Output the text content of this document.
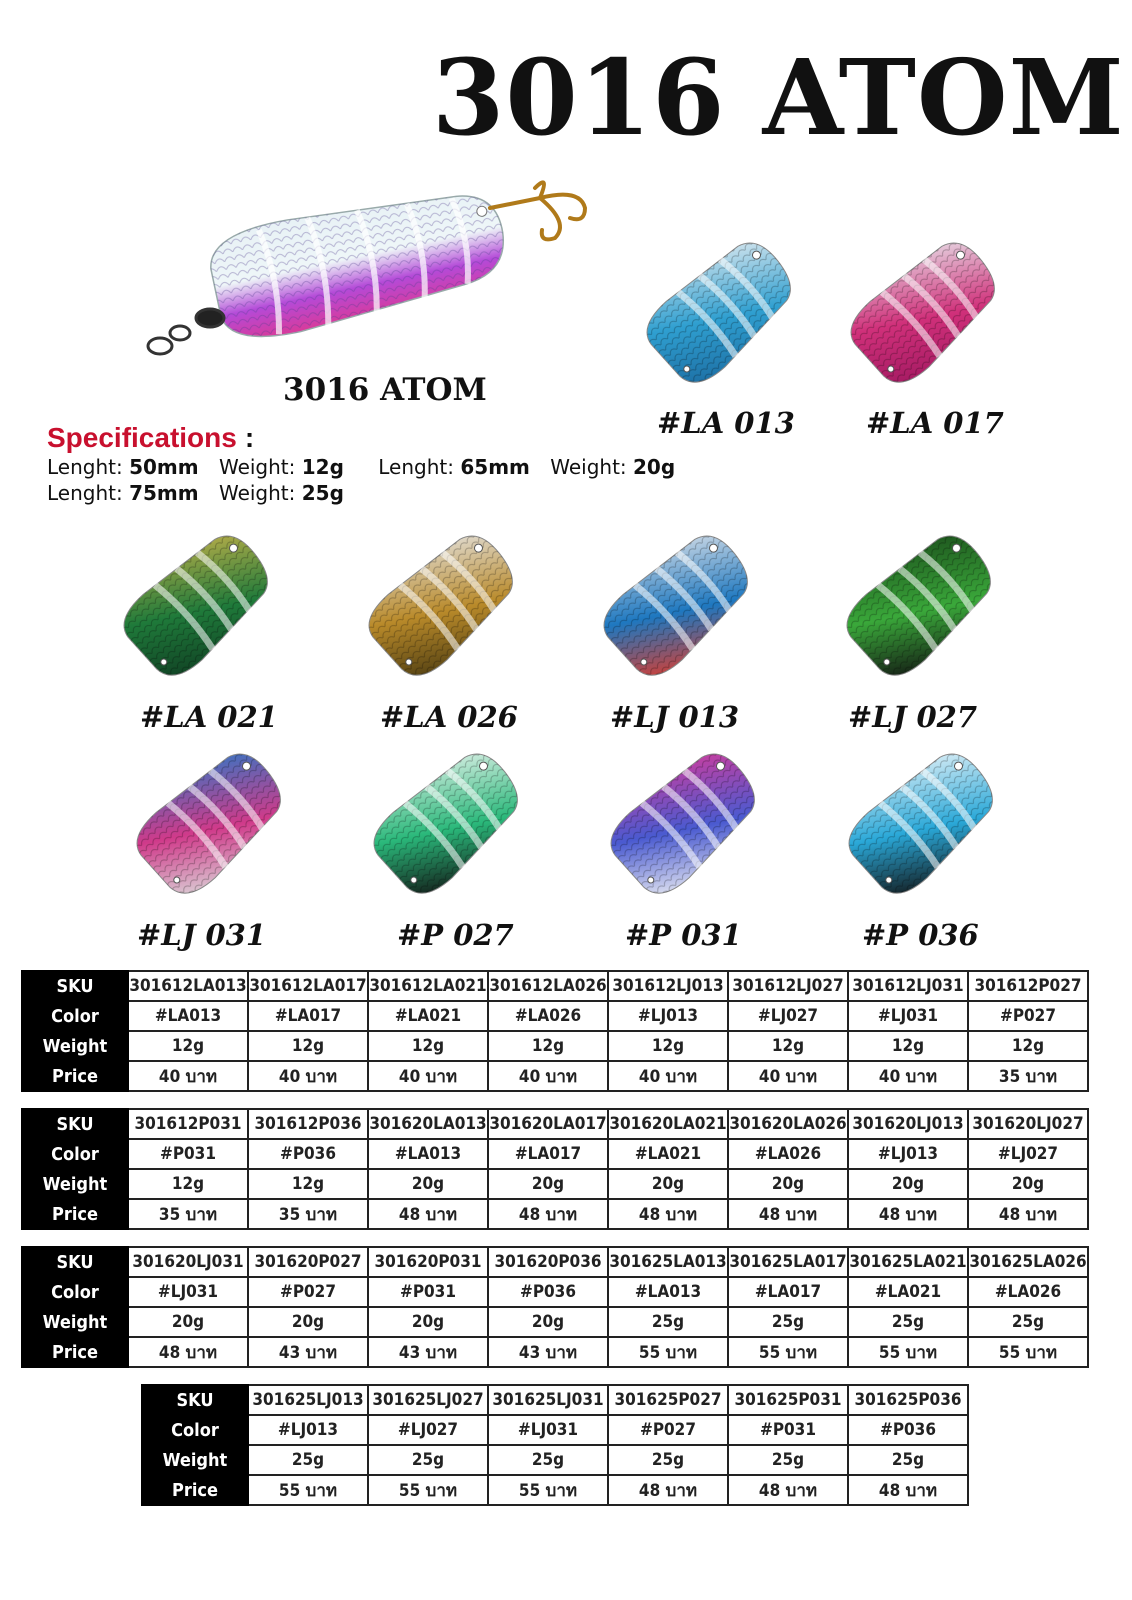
3016 ATOM
3016 ATOM
Specifications :
Lenght: 50mm Weight: 12g Lenght: 65mm Weight: 20g
Lenght: 75mm Weight: 25g
#LA 013 #LA 017
#LA 021	#LA 026	#LJ 013	#LJ 027
#LJ 031	#P 027	#P 031	#P 036
SKU	301612LA013	301612LA017	301612LA021	301612LA026	301612LJ013	301612LJ027	301612LJ031	301612P027
Color	#LA013	#LA017	#LA021	#LA026	#LJ013	#LJ027	#LJ031	#P027
Weight	12g	12g	12g	12g	12g	12g	12g	12g
Price	40 บาท	40 บาท	40 บาท	40 บาท	40 บาท	40 บาท	40 บาท	35 บาท
SKU	301612P031	301612P036	301620LA013	301620LA017	301620LA021	301620LA026	301620LJ013	301620LJ027
Color	#P031	#P036	#LA013	#LA017	#LA021	#LA026	#LJ013	#LJ027
Weight	12g	12g	20g	20g	20g	20g	20g	20g
Price	35 บาท	35 บาท	48 บาท	48 บาท	48 บาท	48 บาท	48 บาท	48 บาท
SKU	301620LJ031	301620P027	301620P031	301620P036	301625LA013	301625LA017	301625LA021	301625LA026
Color	#LJ031	#P027	#P031	#P036	#LA013	#LA017	#LA021	#LA026
Weight	20g	20g	20g	20g	25g	25g	25g	25g
Price	48 บาท	43 บาท	43 บาท	43 บาท	55 บาท	55 บาท	55 บาท	55 บาท
SKU	301625LJ013	301625LJ027	301625LJ031	301625P027	301625P031	301625P036
Color	#LJ013	#LJ027	#LJ031	#P027	#P031	#P036
Weight	25g	25g	25g	25g	25g	25g
Price	55 บาท	55 บาท	55 บาท	48 บาท	48 บาท	48 บาท
